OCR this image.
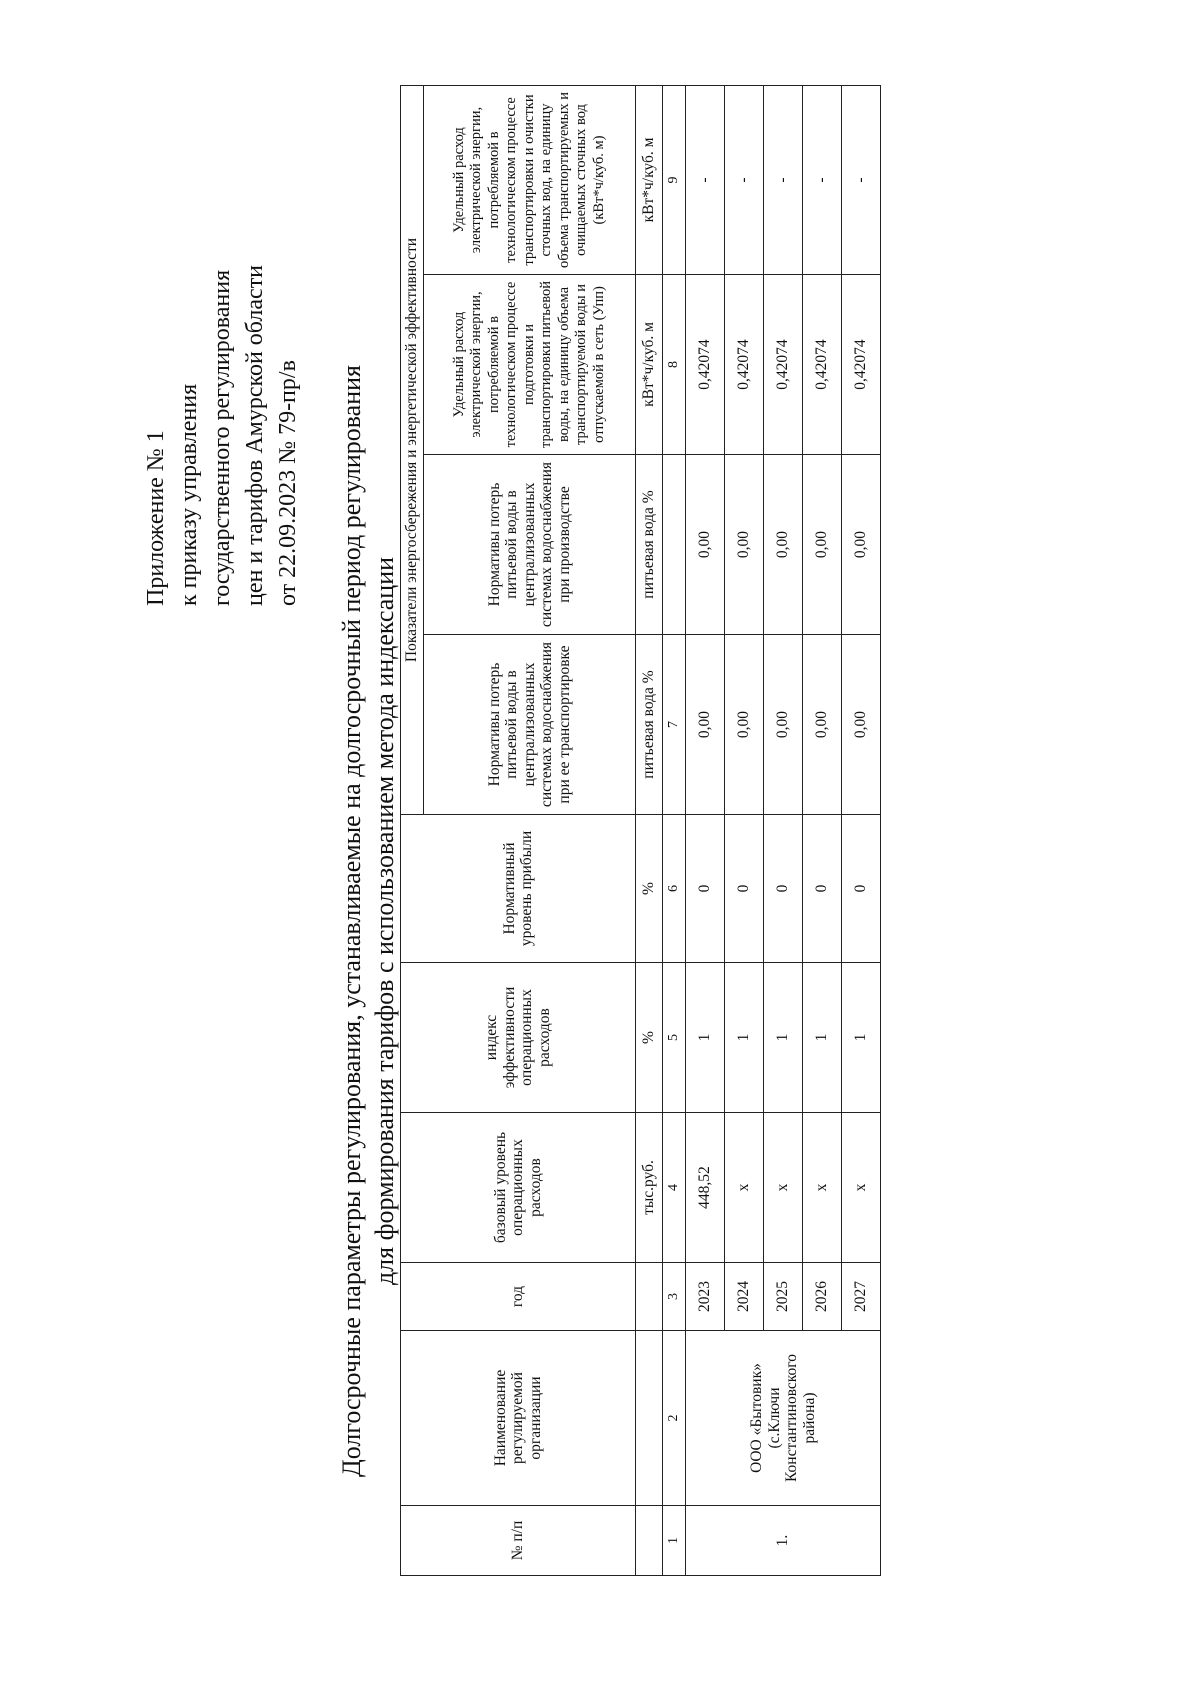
Приложение № 1 к приказу управления государственного регулирования цен и тарифов Амурской области от 22.09.2023 № 79-пр/в Долгосрочные параметры регулирования, устанавливаемые на долгосрочный период регулирования для формирования тарифов с использованием метода индексации
№ п/п	Наименование регулируемой организации	год	базовый уровень операционных расходов	индекс эффективности операционных расходов	Нормативный уровень прибыли	Показатели энергосбережения и энергетической эффективности			
						Нормативы потерь питьевой воды в централизованных системах водоснабжения при ее транспортировке	Нормативы потерь питьевой воды в централизованных системах водоснабжения при производстве	Удельный расход электрической энергии, потребляемой в технологическом процессе подготовки и транспортировки питьевой воды, на единицу объема транспортируемой воды и отпускаемой в сеть (Упп)	Удельный расход электрической энергии, потребляемой в технологическом процессе транспортировки и очистки сточных вод, на единицу объема транспортируемых и очищаемых сточных вод (кВт*ч/куб. м)
			тыс.руб.	%	%	питьевая вода %	питьевая вода %	кВт*ч/куб. м	кВт*ч/куб. м
1	2	3	4	5	6	7		8	9
1.	ООО «Бытовик» (с.Ключи Константиновского района)	2023	448,52	1	0	0,00	0,00	0,42074	-
		2024	х	1	0	0,00	0,00	0,42074	-
		2025	х	1	0	0,00	0,00	0,42074	-
		2026	х	1	0	0,00	0,00	0,42074	-
		2027	х	1	0	0,00	0,00	0,42074	-
